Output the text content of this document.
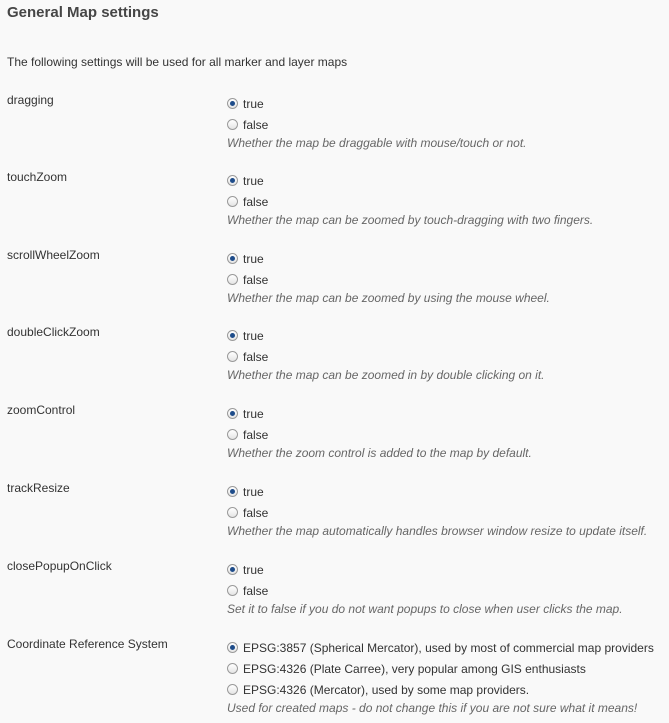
General Map settings
The following settings will be used for all marker and layer maps
dragging	true
false
Whether the map be draggable with mouse/touch or not.
touchZoom	true
false
Whether the map can be zoomed by touch-dragging with two fingers.
scrollWheelZoom	true
false
Whether the map can be zoomed by using the mouse wheel.
doubleClickZoom	true
false
Whether the map can be zoomed in by double clicking on it.
zoomControl	true
false
Whether the zoom control is added to the map by default.
trackResize	true
false
Whether the map automatically handles browser window resize to update itself.
closePopupOnClick	true
false
Set it to false if you do not want popups to close when user clicks the map.
Coordinate Reference System	EPSG:3857 (Spherical Mercator), used by most of commercial map providers
EPSG:4326 (Plate Carree), very popular among GIS enthusiasts
EPSG:4326 (Mercator), used by some map providers.
Used for created maps - do not change this if you are not sure what it means!
